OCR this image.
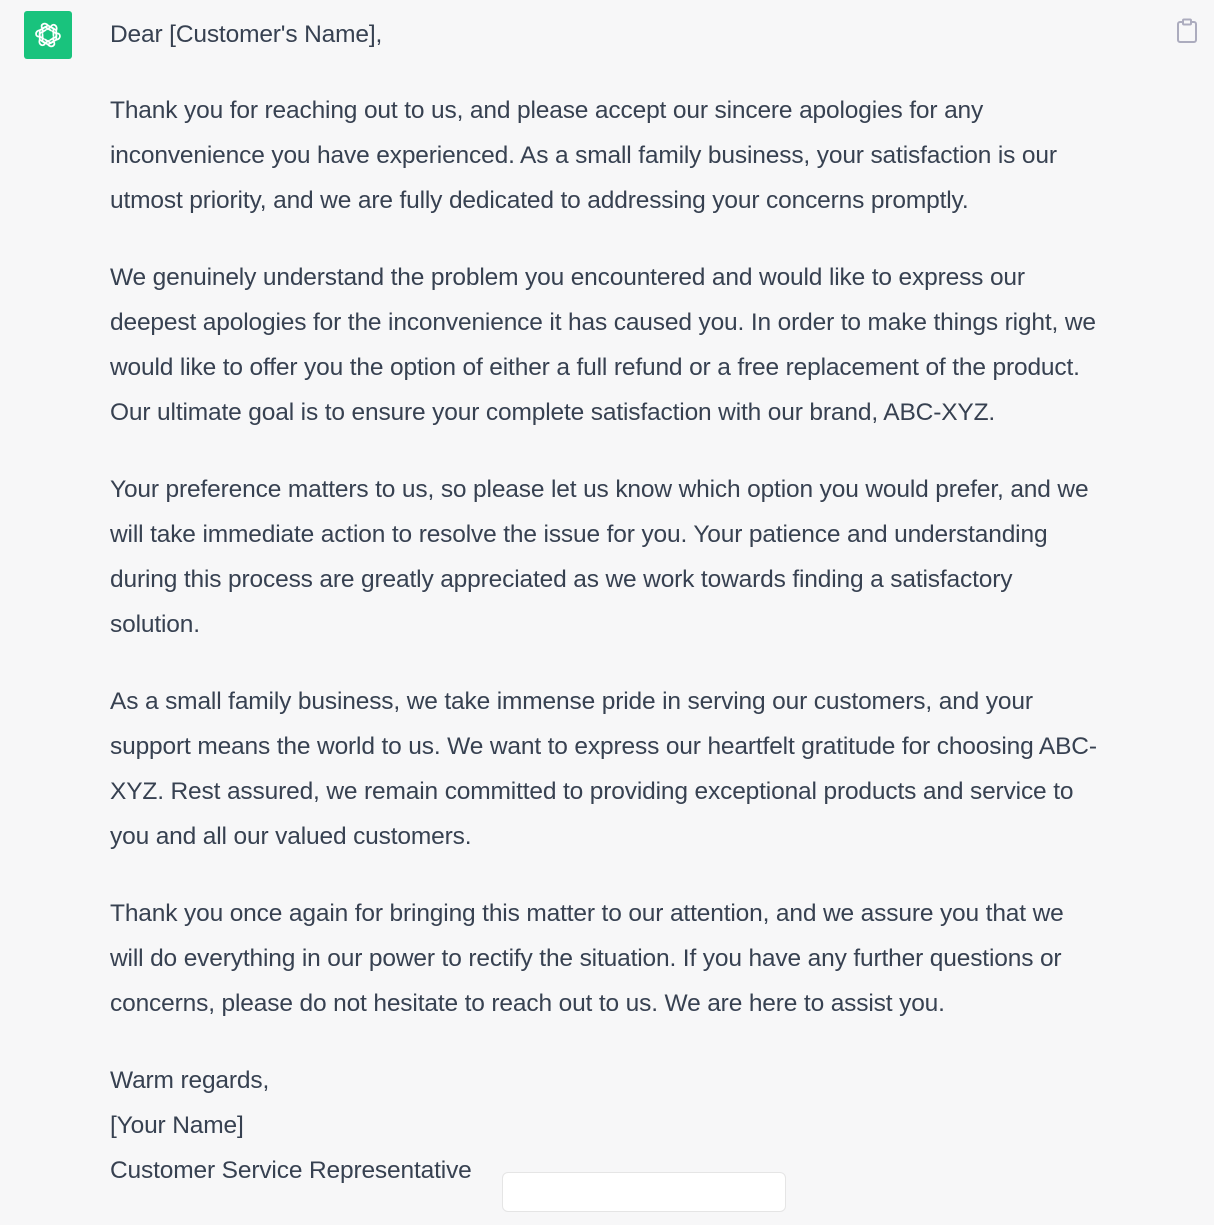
Dear [Customer's Name],

Thank you for reaching out to us, and please accept our sincere apologies for any
inconvenience you have experienced. As a small family business, your satisfaction is our
utmost priority, and we are fully dedicated to addressing your concerns promptly.

We genuinely understand the problem you encountered and would like to express our
deepest apologies for the inconvenience it has caused you. In order to make things right, we
would like to offer you the option of either a full refund or a free replacement of the product.
Our ultimate goal is to ensure your complete satisfaction with our brand, ABC-XYZ.

Your preference matters to us, so please let us know which option you would prefer, and we
will take immediate action to resolve the issue for you. Your patience and understanding
during this process are greatly appreciated as we work towards finding a satisfactory
solution.

As a small family business, we take immense pride in serving our customers, and your
support means the world to us. We want to express our heartfelt gratitude for choosing ABC-
XYZ. Rest assured, we remain committed to providing exceptional products and service to
you and all our valued customers.

Thank you once again for bringing this matter to our attention, and we assure you that we
will do everything in our power to rectify the situation. If you have any further questions or
concerns, please do not hesitate to reach out to us. We are here to assist you.

Warm regards,
[Your Name]
Customer Service Representative
